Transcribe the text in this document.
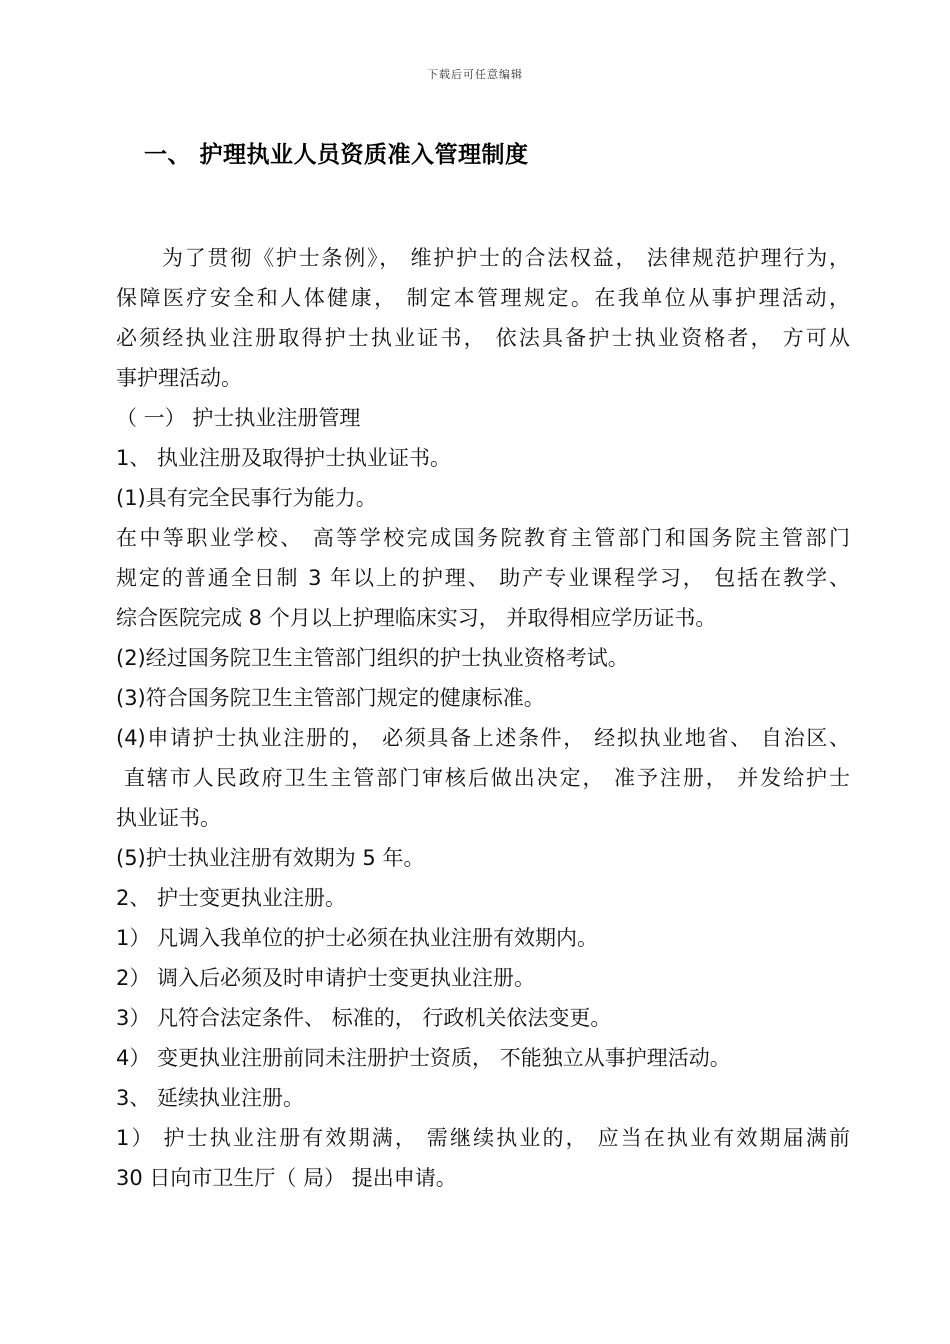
下载后可任意编辑
一、 护理执业人员资质准入管理制度
为了贯彻《护士条例》， 维护护士的合法权益， 法律规范护理行为，
保障医疗安全和人体健康， 制定本管理规定。在我单位从事护理活动，
必须经执业注册取得护士执业证书， 依法具备护士执业资格者， 方可从
事护理活动。
（ 一） 护士执业注册管理
1、 执业注册及取得护士执业证书。
(1)具有完全民事行为能力。
在中等职业学校、 高等学校完成国务院教育主管部门和国务院主管部门
规定的普通全日制 3 年以上的护理、 助产专业课程学习， 包括在教学、
综合医院完成 8 个月以上护理临床实习， 并取得相应学历证书。
(2)经过国务院卫生主管部门组织的护士执业资格考试。
(3)符合国务院卫生主管部门规定的健康标准。
(4)申请护士执业注册的， 必须具备上述条件， 经拟执业地省、 自治区、
直辖市人民政府卫生主管部门审核后做出决定， 准予注册， 并发给护士
执业证书。
(5)护士执业注册有效期为 5 年。
2、 护士变更执业注册。
1） 凡调入我单位的护士必须在执业注册有效期内。
2） 调入后必须及时申请护士变更执业注册。
3） 凡符合法定条件、 标准的， 行政机关依法变更。
4） 变更执业注册前同未注册护士资质， 不能独立从事护理活动。
3、 延续执业注册。
1） 护士执业注册有效期满， 需继续执业的， 应当在执业有效期届满前
30 日向市卫生厅（ 局） 提出申请。
